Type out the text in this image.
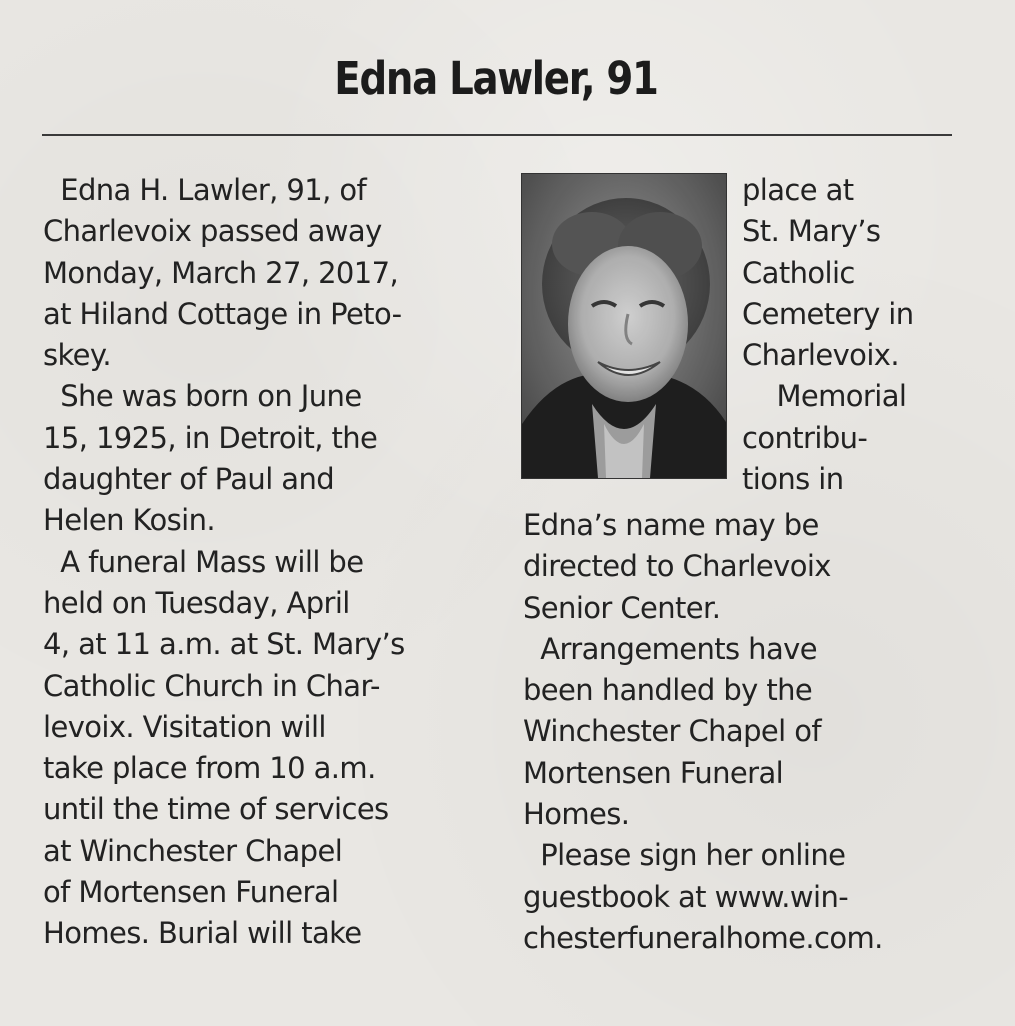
Edna Lawler, 91
Edna H. Lawler, 91, of
Charlevoix passed away
Monday, March 27, 2017,
at Hiland Cottage in Peto-
skey.
She was born on June
15, 1925, in Detroit, the
daughter of Paul and
Helen Kosin.
A funeral Mass will be
held on Tuesday, April
4, at 11 a.m. at St. Mary’s
Catholic Church in Char-
levoix. Visitation will
take place from 10 a.m.
until the time of services
at Winchester Chapel
of Mortensen Funeral
Homes. Burial will take
place at
St. Mary’s
Catholic
Cemetery in
Charlevoix.
Memorial
contribu-
tions in
Edna’s name may be
directed to Charlevoix
Senior Center.
Arrangements have
been handled by the
Winchester Chapel of
Mortensen Funeral
Homes.
Please sign her online
guestbook at www.win-
chesterfuneralhome.com.
